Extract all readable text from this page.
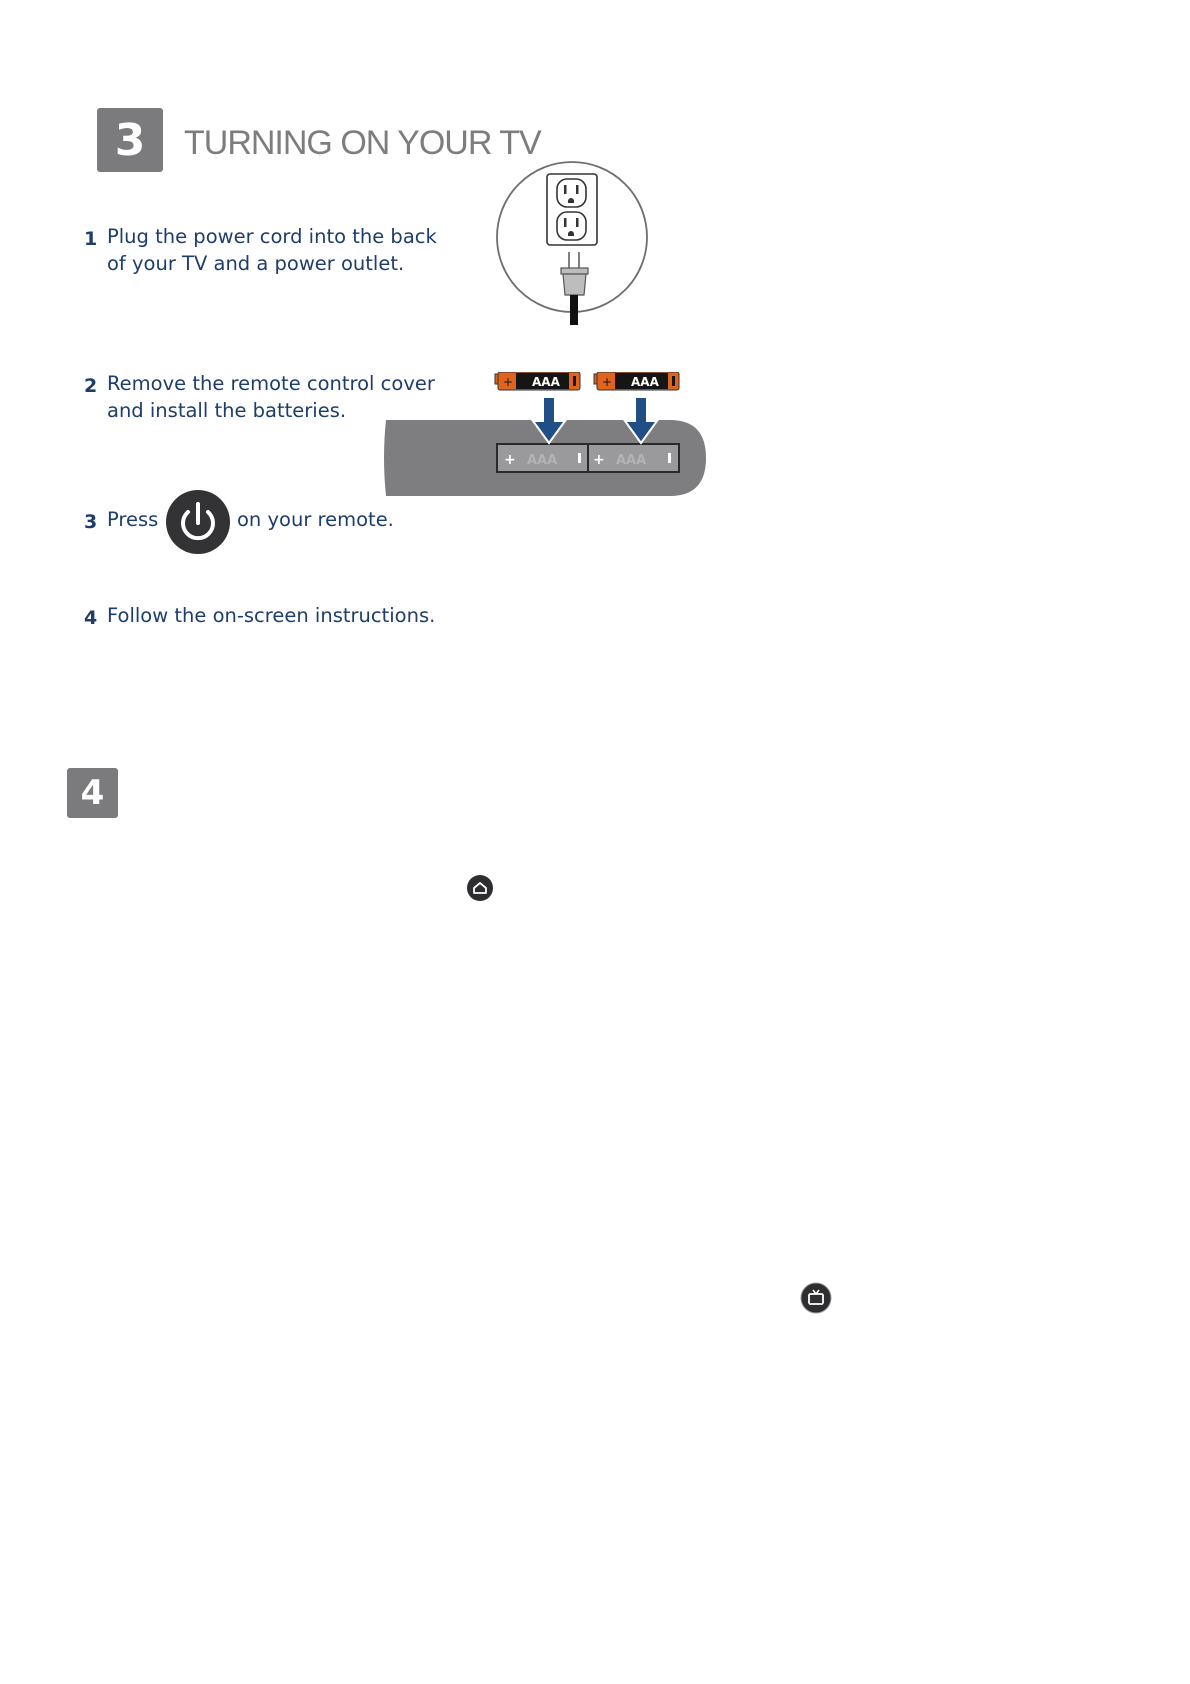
3	TURNING ON YOUR TV
1 Plug the power cord into the back
of your TV and a power outlet.
+ AAA	+ AAA
+ AAA	+ AAA
2 Remove the remote control cover
and install the batteries.
3 Press	on your remote.
4 Follow the on-screen instructions.
4
